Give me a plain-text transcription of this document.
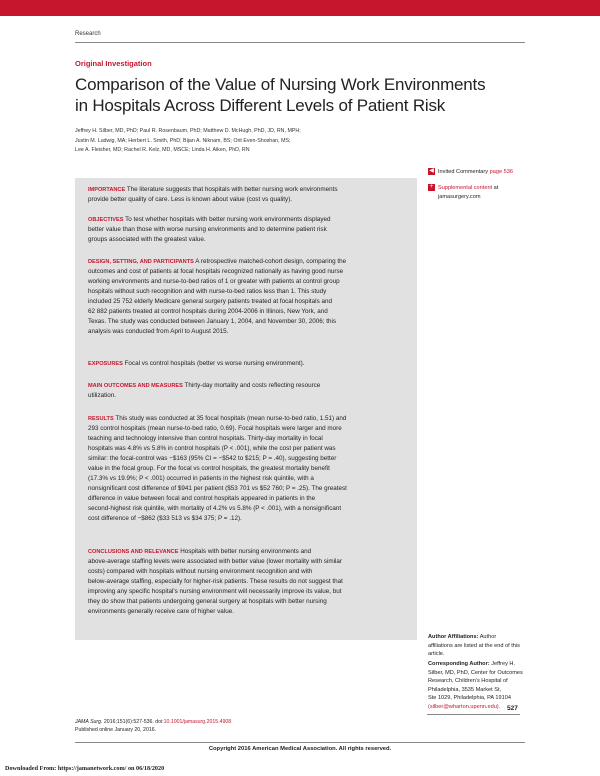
Research
Original Investigation
Comparison of the Value of Nursing Work Environments
in Hospitals Across Different Levels of Patient Risk
Jeffrey H. Silber, MD, PhD; Paul R. Rosenbaum, PhD; Matthew D. McHugh, PhD, JD, RN, MPH;
Justin M. Ludwig, MA; Herbert L. Smith, PhD; Bijan A. Niknam, BS; Orit Even-Shoshan, MS;
Lee A. Fleisher, MD; Rachel R. Kelz, MD, MSCE; Linda H. Aiken, PhD, RN
IMPORTANCE The literature suggests that hospitals with better nursing work environments
provide better quality of care. Less is known about value (cost vs quality).
OBJECTIVES To test whether hospitals with better nursing work environments displayed
better value than those with worse nursing environments and to determine patient risk
groups associated with the greatest value.
DESIGN, SETTING, AND PARTICIPANTS A retrospective matched-cohort design, comparing the
outcomes and cost of patients at focal hospitals recognized nationally as having good nurse
working environments and nurse-to-bed ratios of 1 or greater with patients at control group
hospitals without such recognition and with nurse-to-bed ratios less than 1. This study
included 25 752 elderly Medicare general surgery patients treated at focal hospitals and
62 882 patients treated at control hospitals during 2004-2006 in Illinois, New York, and
Texas. The study was conducted between January 1, 2004, and November 30, 2006; this
analysis was conducted from April to August 2015.
EXPOSURES Focal vs control hospitals (better vs worse nursing environment).
MAIN OUTCOMES AND MEASURES Thirty-day mortality and costs reflecting resource
utilization.
RESULTS This study was conducted at 35 focal hospitals (mean nurse-to-bed ratio, 1.51) and
293 control hospitals (mean nurse-to-bed ratio, 0.69). Focal hospitals were larger and more
teaching and technology intensive than control hospitals. Thirty-day mortality in focal
hospitals was 4.8% vs 5.8% in control hospitals (P < .001), while the cost per patient was
similar: the focal-control was −$163 (95% CI = −$542 to $215; P = .40), suggesting better
value in the focal group. For the focal vs control hospitals, the greatest mortality benefit
(17.3% vs 19.9%; P < .001) occurred in patients in the highest risk quintile, with a
nonsignificant cost difference of $941 per patient ($53 701 vs $52 760; P = .25). The greatest
difference in value between focal and control hospitals appeared in patients in the
second-highest risk quintile, with mortality of 4.2% vs 5.8% (P < .001), with a nonsignificant
cost difference of −$862 ($33 513 vs $34 375; P = .12).
CONCLUSIONS AND RELEVANCE Hospitals with better nursing environments and
above-average staffing levels were associated with better value (lower mortality with similar
costs) compared with hospitals without nursing environment recognition and with
below-average staffing, especially for higher-risk patients. These results do not suggest that
improving any specific hospital's nursing environment will necessarily improve its value, but
they do show that patients undergoing general surgery at hospitals with better nursing
environments generally receive care of higher value.
◀ Invited Commentary page 536
+ Supplemental content at
jamasurgery.com
Author Affiliations: Author
affiliations are listed at the end of this
article.
Corresponding Author: Jeffrey H.
Silber, MD, PhD, Center for Outcomes
Research, Children's Hospital of
Philadelphia, 3535 Market St,
Ste 1029, Philadelphia, PA 19104
(silber@wharton.upenn.edu).
JAMA Surg. 2016;151(6):527-536. doi:10.1001/jamasurg.2015.4908
Published online January 20, 2016.
527
Copyright 2016 American Medical Association. All rights reserved.
Downloaded From: https://jamanetwork.com/ on 06/18/2020
